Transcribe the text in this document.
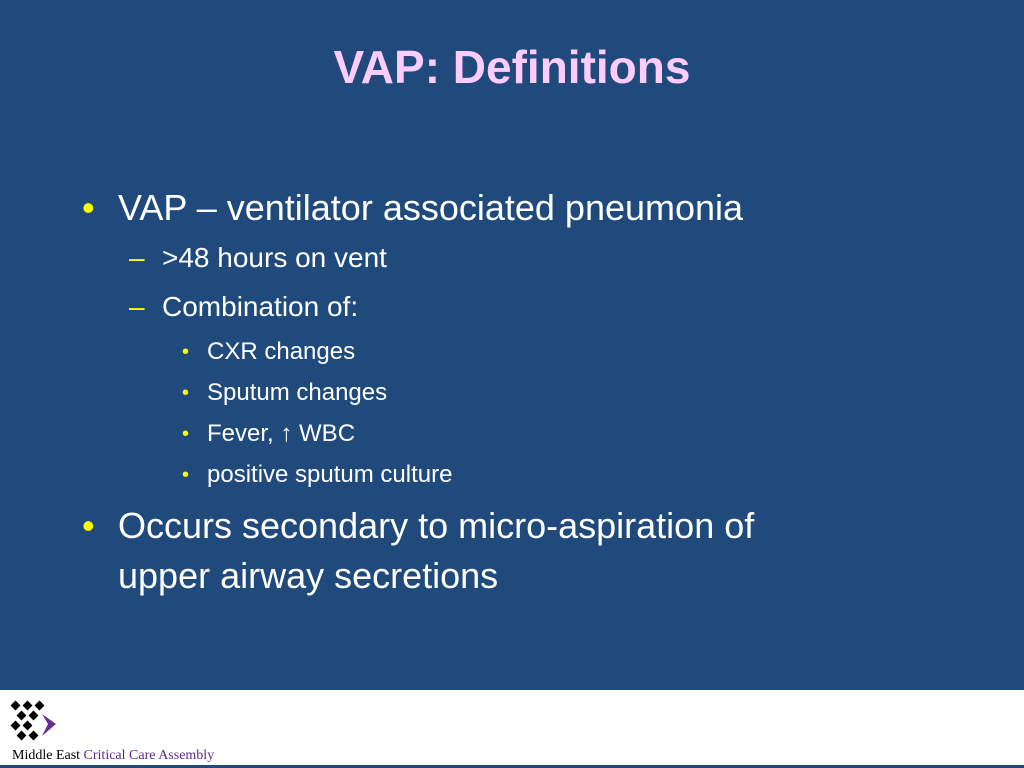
VAP: Definitions
• VAP – ventilator associated pneumonia
– >48 hours on vent
– Combination of:
• CXR changes
• Sputum changes
• Fever, ↑ WBC
• positive sputum culture
• Occurs secondary to micro-aspiration of
upper airway secretions
Middle East Critical Care Assembly
